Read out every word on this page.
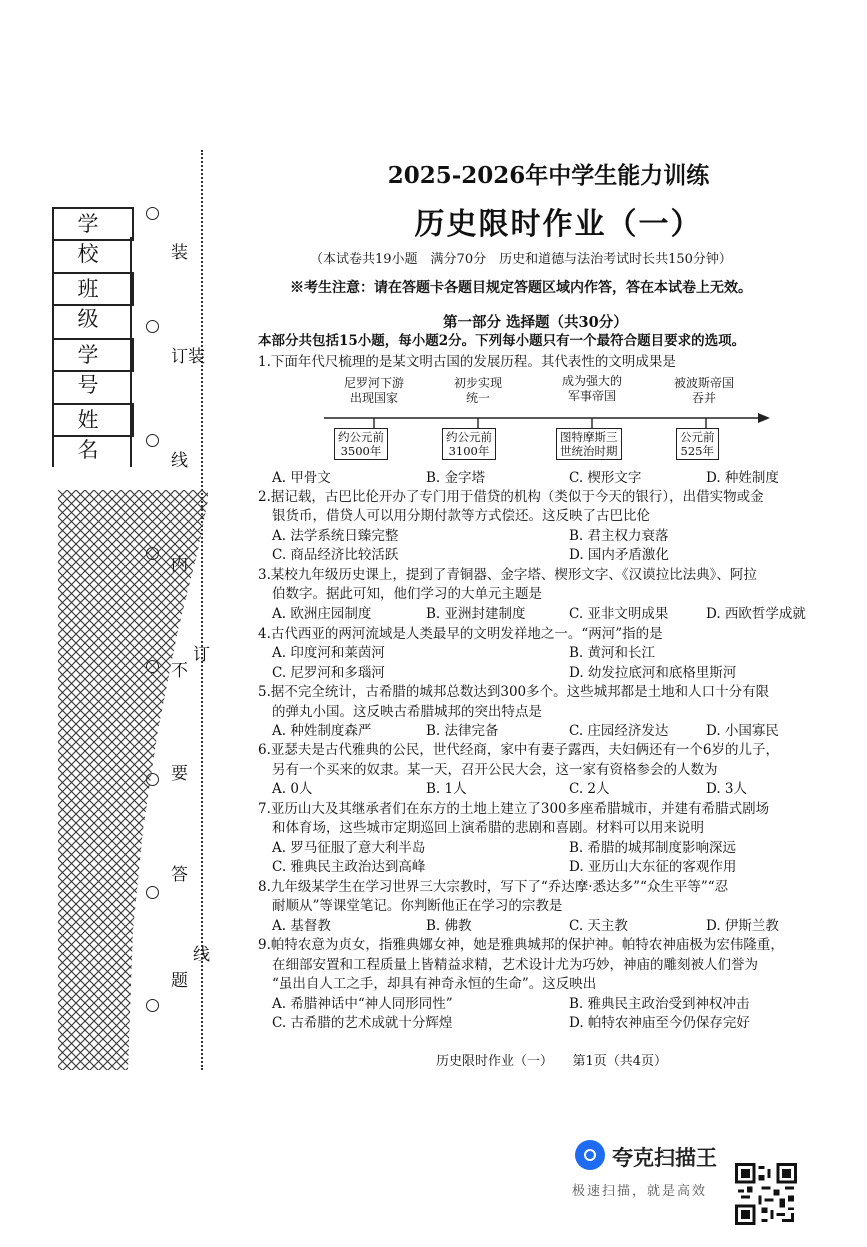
学 校
班 级
学 号
姓 名
装
订装
线
不
要
答
题
订
线
2025-2026年中学生能力训练
历史限时作业（一）
（本试卷共19小题　满分70分　历史和道德与法治考试时长共150分钟）
※考生注意：请在答题卡各题目规定答题区域内作答，答在本试卷上无效。
第一部分 选择题（共30分）
本部分共包括15小题，每小题2分。下列每小题只有一个最符合题目要求的选项。
1.下面年代尺梳理的是某文明古国的发展历程。其代表性的文明成果是
尼罗河下游
出现国家
初步实现
统一
成为强大的
军事帝国
被波斯帝国
吞并
约公元前
3500年
约公元前
3100年
图特摩斯三
世统治时期
公元前
525年
A. 甲骨文	B. 金字塔	C. 楔形文字	D. 种姓制度
2.据记载，古巴比伦开办了专门用于借贷的机构（类似于今天的银行），出借实物或金
银货币，借贷人可以用分期付款等方式偿还。这反映了古巴比伦
A. 法学系统日臻完整	B. 君主权力衰落
C. 商品经济比较活跃	D. 国内矛盾激化
3.某校九年级历史课上，提到了青铜器、金字塔、楔形文字、《汉谟拉比法典》、阿拉
伯数字。据此可知，他们学习的大单元主题是
A. 欧洲庄园制度	B. 亚洲封建制度	C. 亚非文明成果	D. 西欧哲学成就
4.古代西亚的两河流域是人类最早的文明发祥地之一。“两河”指的是
A. 印度河和莱茵河	B. 黄河和长江
C. 尼罗河和多瑙河	D. 幼发拉底河和底格里斯河
5.据不完全统计，古希腊的城邦总数达到300多个。这些城邦都是土地和人口十分有限
的弹丸小国。这反映古希腊城邦的突出特点是
A. 种姓制度森严	B. 法律完备	C. 庄园经济发达	D. 小国寡民
6.亚瑟夫是古代雅典的公民，世代经商，家中有妻子露西，夫妇俩还有一个6岁的儿子，
另有一个买来的奴隶。某一天，召开公民大会，这一家有资格参会的人数为
A. 0人	B. 1人	C. 2人	D. 3人
7.亚历山大及其继承者们在东方的土地上建立了300多座希腊城市，并建有希腊式剧场
和体育场，这些城市定期巡回上演希腊的悲剧和喜剧。材料可以用来说明
A. 罗马征服了意大利半岛	B. 希腊的城邦制度影响深远
C. 雅典民主政治达到高峰	D. 亚历山大东征的客观作用
8.九年级某学生在学习世界三大宗教时，写下了“乔达摩·悉达多”“众生平等”“忍
耐顺从”等课堂笔记。你判断他正在学习的宗教是
A. 基督教	B. 佛教	C. 天主教	D. 伊斯兰教
9.帕特农意为贞女，指雅典娜女神，她是雅典城邦的保护神。帕特农神庙极为宏伟隆重，
在细部安置和工程质量上皆精益求精，艺术设计尤为巧妙，神庙的雕刻被人们誉为
“虽出自人工之手，却具有神奇永恒的生命”。这反映出
A. 希腊神话中“神人同形同性”	B. 雅典民主政治受到神权冲击
C. 古希腊的艺术成就十分辉煌	D. 帕特农神庙至今仍保存完好
历史限时作业（一）　　第1页（共4页）
夸克扫描王
极速扫描，就是高效
